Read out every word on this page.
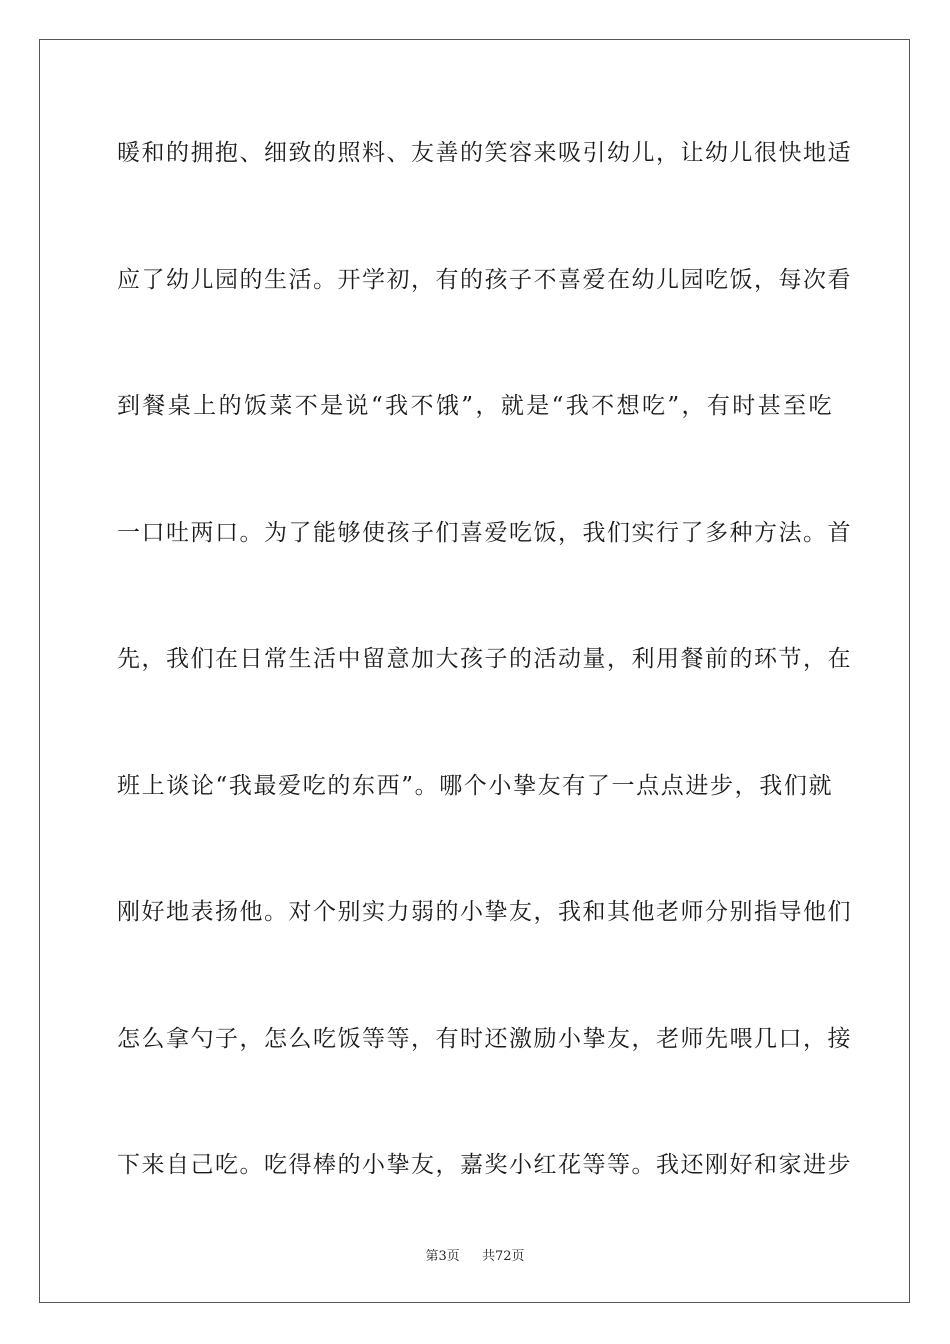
暖和的拥抱、细致的照料、友善的笑容来吸引幼儿，让幼儿很快地适

应了幼儿园的生活。开学初，有的孩子不喜爱在幼儿园吃饭，每次看

到餐桌上的饭菜不是说“我不饿”，就是“我不想吃”，有时甚至吃

一口吐两口。为了能够使孩子们喜爱吃饭，我们实行了多种方法。首

先，我们在日常生活中留意加大孩子的活动量，利用餐前的环节，在

班上谈论“我最爱吃的东西”。哪个小挚友有了一点点进步，我们就

刚好地表扬他。对个别实力弱的小挚友，我和其他老师分别指导他们

怎么拿勺子，怎么吃饭等等，有时还激励小挚友，老师先喂几口，接

下来自己吃。吃得棒的小挚友，嘉奖小红花等等。我还刚好和家进步

第3页 共72页
